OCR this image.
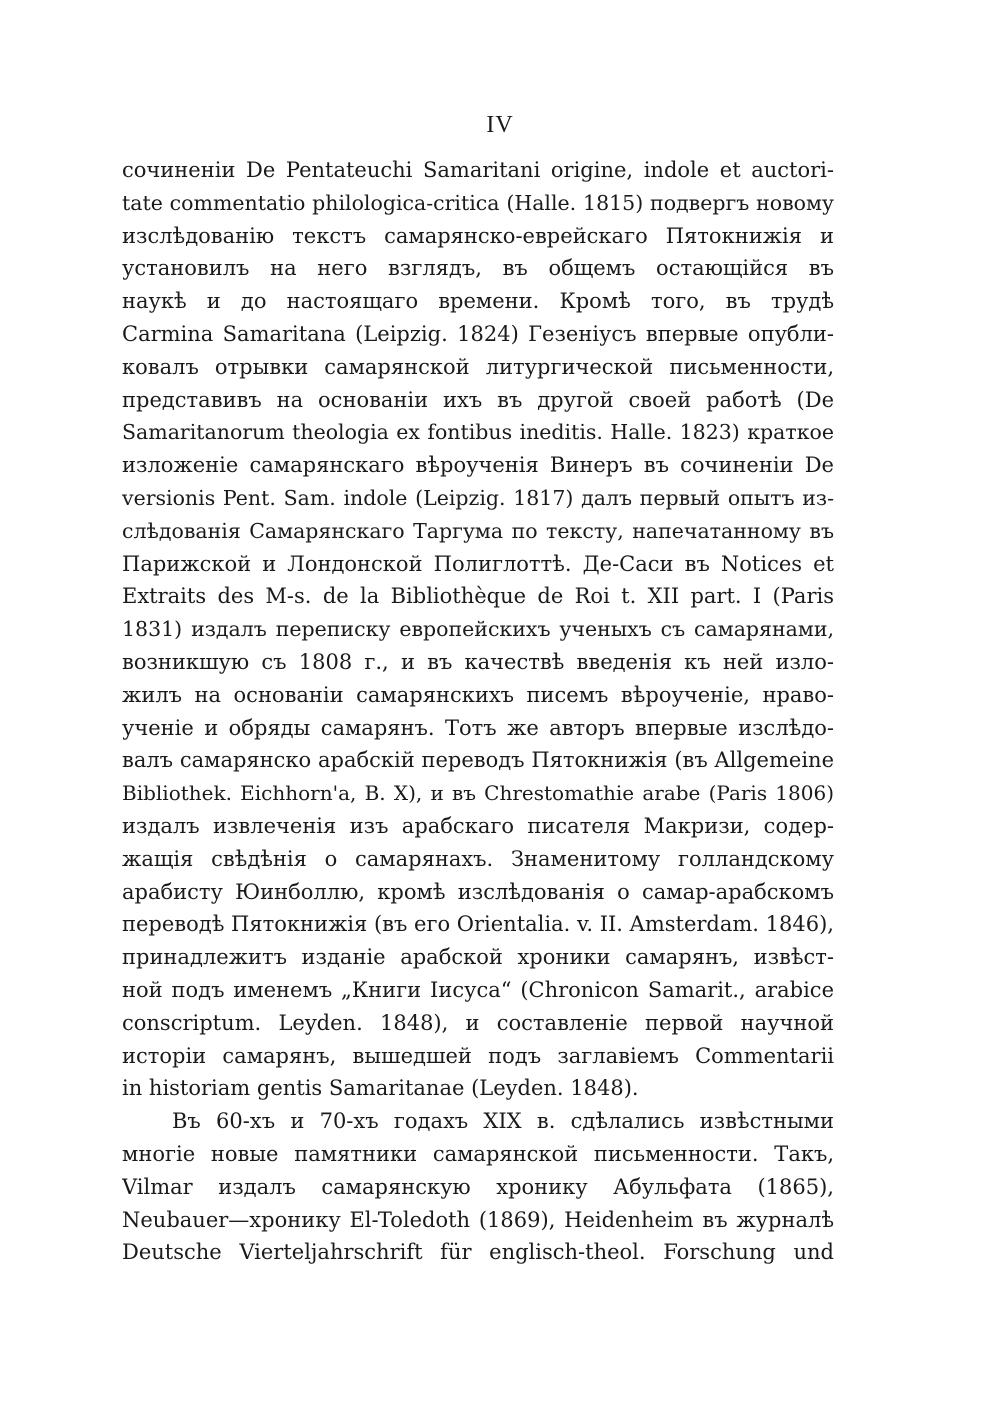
IV
сочиненіи De Pentateuchi Samaritani origine, indole et auctori-
tate commentatio philologica-critica (Halle. 1815) подвергъ новому
изслѣдованію текстъ самарянско-еврейскаго Пятокнижія и
установилъ на него взглядъ, въ общемъ остающійся въ
наукѣ и до настоящаго времени. Кромѣ того, въ трудѣ
Carmina Samaritana (Leipzig. 1824) Гезеніусъ впервые опубли-
ковалъ отрывки самарянской литургической письменности,
представивъ на основаніи ихъ въ другой своей работѣ (De
Samaritanorum theologia ex fontibus ineditis. Halle. 1823) краткое
изложеніе самарянскаго вѣроученія Винеръ въ сочиненіи De
versionis Pent. Sam. indole (Leipzig. 1817) далъ первый опытъ из-
слѣдованія Самарянскаго Таргума по тексту, напечатанному въ
Парижской и Лондонской Полиглоттѣ. Де-Саси въ Notices et
Extraits des M-s. de la Bibliothèque de Roi t. XII part. I (Paris
1831) издалъ переписку европейскихъ ученыхъ съ самарянами,
возникшую съ 1808 г., и въ качествѣ введенія къ ней изло-
жилъ на основаніи самарянскихъ писемъ вѣроученіе, нраво-
ученіе и обряды самарянъ. Тотъ же авторъ впервые изслѣдо-
валъ самарянско арабскій переводъ Пятокнижія (въ Allgemeine
Bibliothek. Eichhorn'a, B. X), и въ Chrestomathie arabe (Paris 1806)
издалъ извлеченія изъ арабскаго писателя Макризи, содер-
жащія свѣдѣнія о самарянахъ. Знаменитому голландскому
арабисту Юинболлю, кромѣ изслѣдованія о самар-арабскомъ
переводѣ Пятокнижія (въ его Orientalia. v. II. Amsterdam. 1846),
принадлежитъ изданіе арабской хроники самарянъ, извѣст-
ной подъ именемъ „Книги Іисуса“ (Chronicon Samarit., arabice
conscriptum. Leyden. 1848), и составленіе первой научной
исторіи самарянъ, вышедшей подъ заглавіемъ Commentarii
in historiam gentis Samaritanae (Leyden. 1848).
Въ 60-хъ и 70-хъ годахъ XIX в. сдѣлались извѣстными
многіе новые памятники самарянской письменности. Такъ,
Vilmar издалъ самарянскую хронику Абульфата (1865),
Neubauer—хронику El-Toledoth (1869), Heidenheim въ журналѣ
Deutsche Vierteljahrschrift für englisch-theol. Forschung und
